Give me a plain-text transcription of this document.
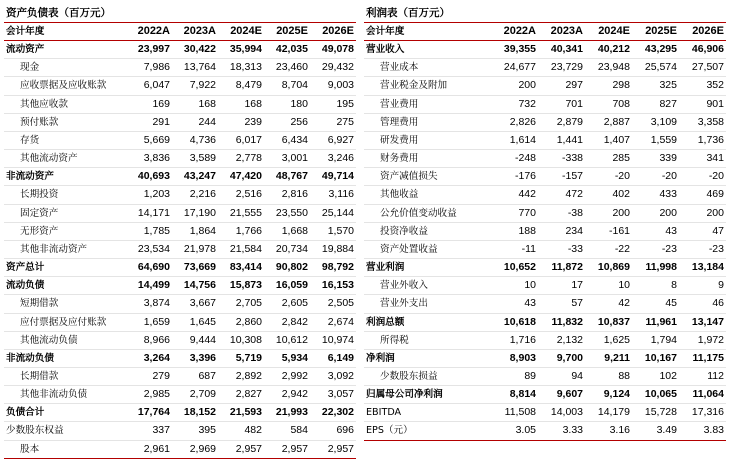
资产负债表（百万元）
会计年度	2022A	2023A	2024E	2025E	2026E
流动资产	23,997	30,422	35,994	42,035	49,078
现金	7,986	13,764	18,313	23,460	29,432
应收票据及应收账款	6,047	7,922	8,479	8,704	9,003
其他应收款	169	168	168	180	195
预付账款	291	244	239	256	275
存货	5,669	4,736	6,017	6,434	6,927
其他流动资产	3,836	3,589	2,778	3,001	3,246
非流动资产	40,693	43,247	47,420	48,767	49,714
长期投资	1,203	2,216	2,516	2,816	3,116
固定资产	14,171	17,190	21,555	23,550	25,144
无形资产	1,785	1,864	1,766	1,668	1,570
其他非流动资产	23,534	21,978	21,584	20,734	19,884
资产总计	64,690	73,669	83,414	90,802	98,792
流动负债	14,499	14,756	15,873	16,059	16,153
短期借款	3,874	3,667	2,705	2,605	2,505
应付票据及应付账款	1,659	1,645	2,860	2,842	2,674
其他流动负债	8,966	9,444	10,308	10,612	10,974
非流动负债	3,264	3,396	5,719	5,934	6,149
长期借款	279	687	2,892	2,992	3,092
其他非流动负债	2,985	2,709	2,827	2,942	3,057
负债合计	17,764	18,152	21,593	21,993	22,302
少数股东权益	337	395	482	584	696
股本	2,961	2,969	2,957	2,957	2,957
利润表（百万元）
会计年度	2022A	2023A	2024E	2025E	2026E
营业收入	39,355	40,341	40,212	43,295	46,906
营业成本	24,677	23,729	23,948	25,574	27,507
营业税金及附加	200	297	298	325	352
营业费用	732	701	708	827	901
管理费用	2,826	2,879	2,887	3,109	3,358
研发费用	1,614	1,441	1,407	1,559	1,736
财务费用	-248	-338	285	339	341
资产减值损失	-176	-157	-20	-20	-20
其他收益	442	472	402	433	469
公允价值变动收益	770	-38	200	200	200
投资净收益	188	234	-161	43	47
资产处置收益	-11	-33	-22	-23	-23
营业利润	10,652	11,872	10,869	11,998	13,184
营业外收入	10	17	10	8	9
营业外支出	43	57	42	45	46
利润总额	10,618	11,832	10,837	11,961	13,147
所得税	1,716	2,132	1,625	1,794	1,972
净利润	8,903	9,700	9,211	10,167	11,175
少数股东损益	89	94	88	102	112
归属母公司净利润	8,814	9,607	9,124	10,065	11,064
EBITDA	11,508	14,003	14,179	15,728	17,316
EPS（元）	3.05	3.33	3.16	3.49	3.83
